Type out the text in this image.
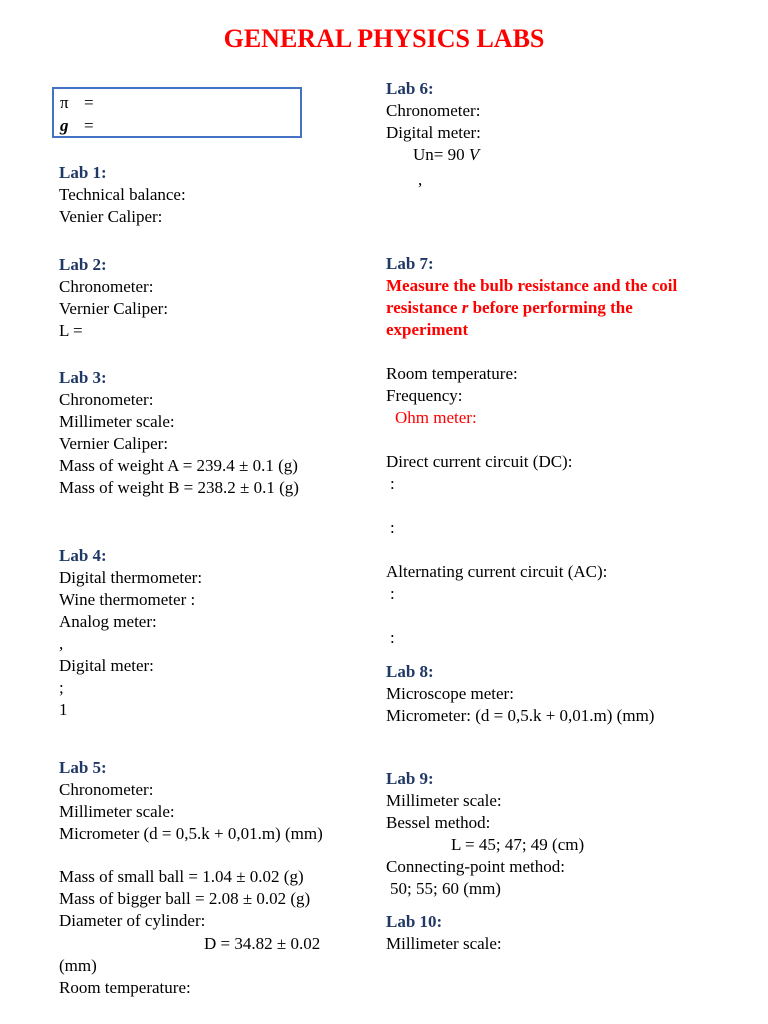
GENERAL PHYSICS LABS
π =
g =
Lab 1:
Technical balance:
Venier Caliper:
Lab 2:
Chronometer:
Vernier Caliper:
L =
Lab 3:
Chronometer:
Millimeter scale:
Vernier Caliper:
Mass of weight A = 239.4 ± 0.1 (g)
Mass of weight B = 238.2 ± 0.1 (g)
Lab 4:
Digital thermometer:
Wine thermometer :
Analog meter:
,
Digital meter:
;
1
Lab 5:
Chronometer:
Millimeter scale:
Micrometer (d = 0,5.k + 0,01.m) (mm)
Mass of small ball = 1.04 ± 0.02 (g)
Mass of bigger ball = 2.08 ± 0.02 (g)
Diameter of cylinder:
D = 34.82 ± 0.02
(mm)
Room temperature:
Lab 6:
Chronometer:
Digital meter:
Un= 90 V
,
Lab 7:
Measure the bulb resistance and the coil
resistance r before performing the
experiment
Room temperature:
Frequency:
Ohm meter:
Direct current circuit (DC):
:
:
Alternating current circuit (AC):
:
:
Lab 8:
Microscope meter:
Micrometer: (d = 0,5.k + 0,01.m) (mm)
Lab 9:
Millimeter scale:
Bessel method:
L = 45; 47; 49 (cm)
Connecting-point method:
50; 55; 60 (mm)
Lab 10:
Millimeter scale:
